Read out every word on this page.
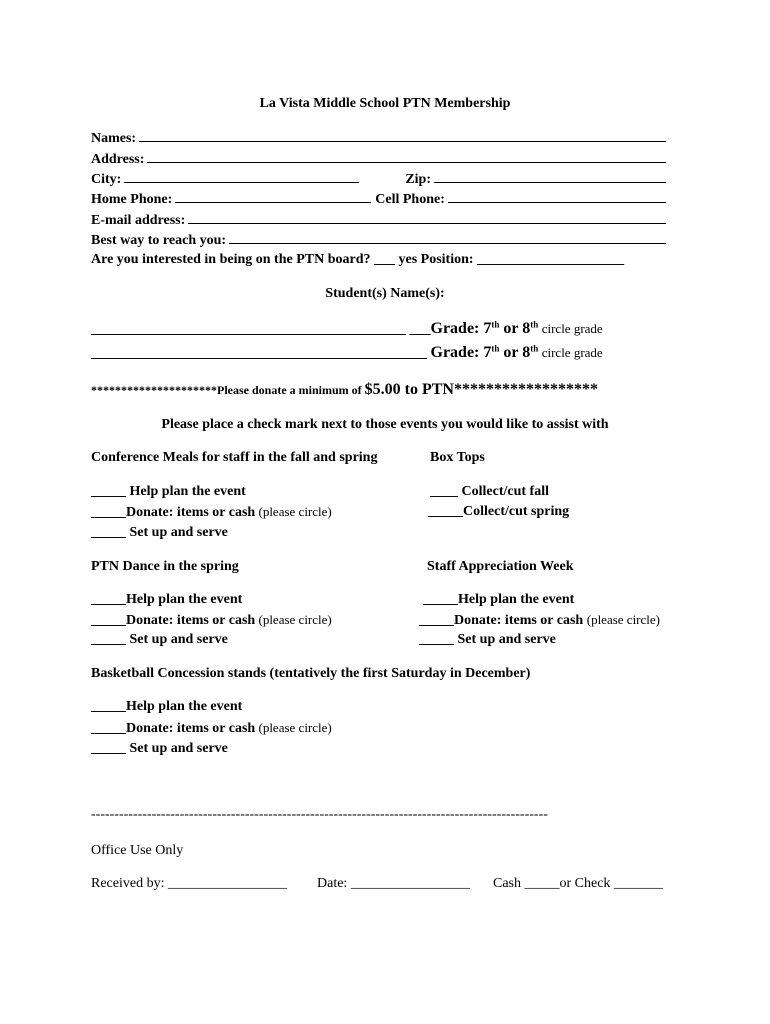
La Vista Middle School PTN Membership
Names:
Address:
City:	Zip:
Home Phone:	Cell Phone:
E-mail address:
Best way to reach you:
Are you interested in being on the PTN board? ___ yes Position: _____________________
Student(s) Name(s):
_____________________________________________ ___Grade: 7th or 8th circle grade
________________________________________________ Grade: 7th or 8th circle grade
*********************Please donate a minimum of $5.00 to PTN******************
Please place a check mark next to those events you would like to assist with
Conference Meals for staff in the fall and spring
_____ Help plan the event
_____Donate: items or cash (please circle)
_____ Set up and serve
Box Tops
____ Collect/cut fall
_____Collect/cut spring
PTN Dance in the spring
_____Help plan the event
_____Donate: items or cash (please circle)
_____ Set up and serve
Staff Appreciation Week
_____Help plan the event
_____Donate: items or cash (please circle)
_____ Set up and serve
Basketball Concession stands (tentatively the first Saturday in December)
_____Help plan the event
_____Donate: items or cash (please circle)
_____ Set up and serve
--------------------------------------------------------------------------------------------------
Office Use Only
Received by: _________________ Date: _________________ Cash _____or Check _______
